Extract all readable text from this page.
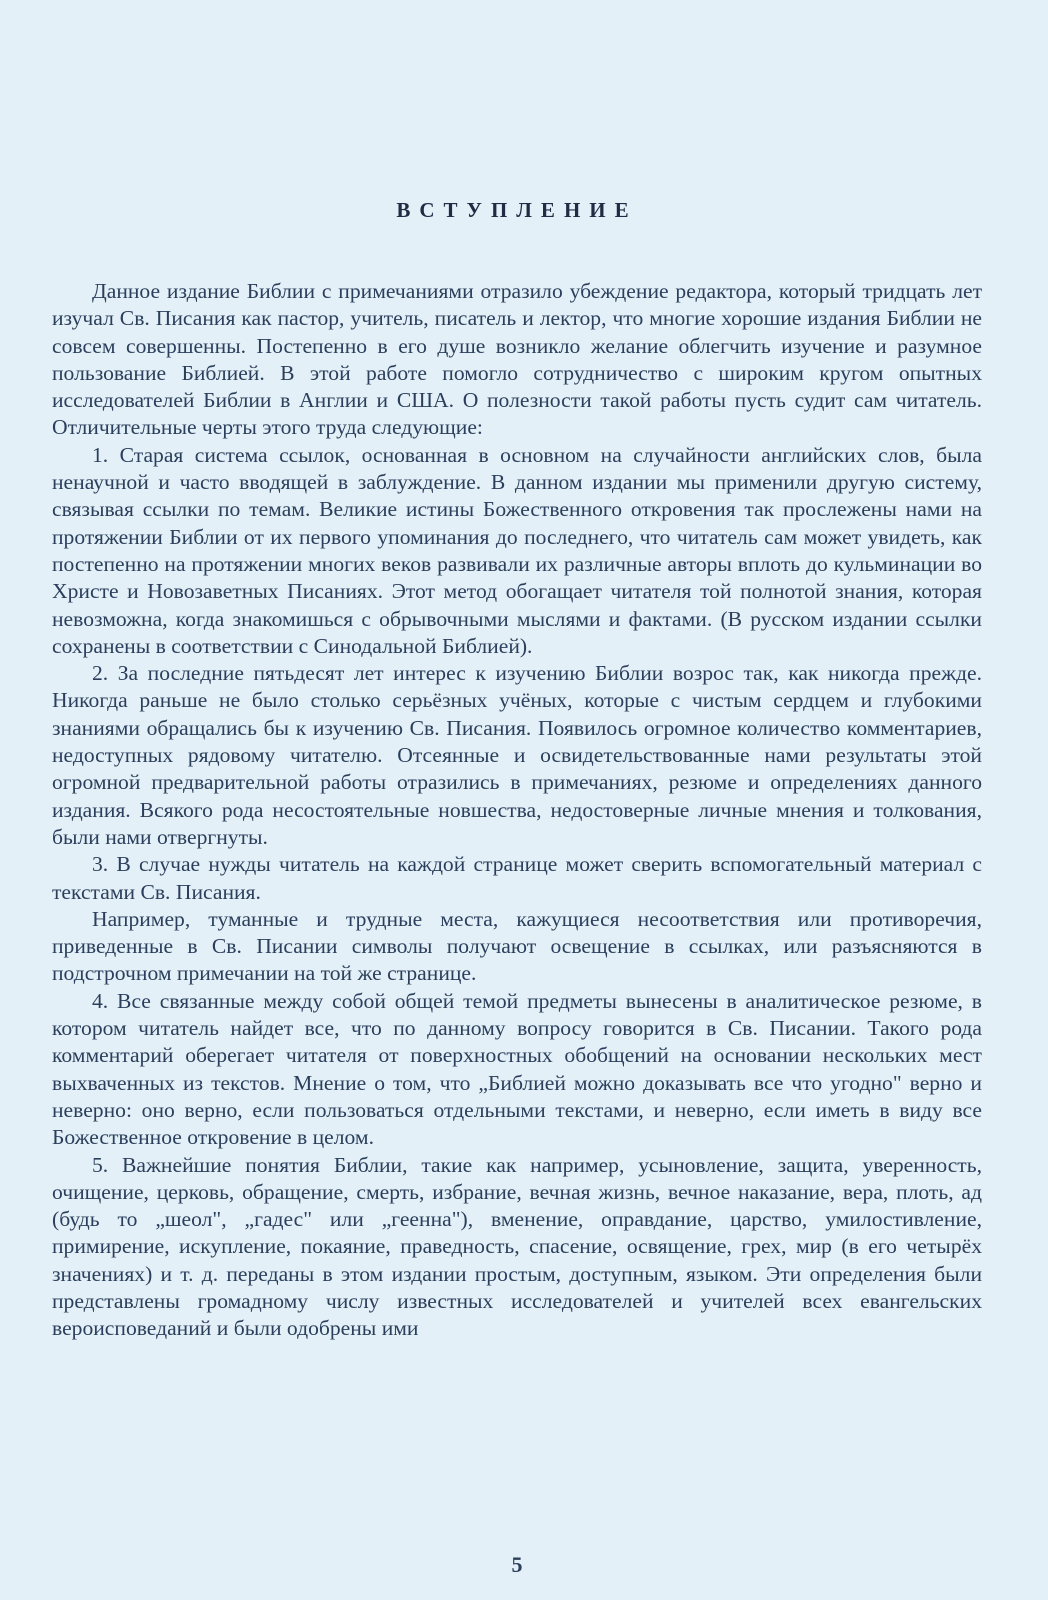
ВСТУПЛЕНИЕ

Данное издание Библии с примечаниями отразило убеждение редактора, который тридцать лет изучал Св. Писания как пастор, учитель, писатель и лектор, что многие хорошие издания Библии не совсем совершенны. Постепенно в его душе возникло желание облегчить изучение и разумное пользование Библией. В этой работе помогло сотрудничество с широким кругом опытных исследователей Библии в Англии и США. О полезности такой работы пусть судит сам читатель. Отличительные черты этого труда следующие:

1. Старая система ссылок, основанная в основном на случайности английских слов, была ненаучной и часто вводящей в заблуждение. В данном издании мы применили другую систему, связывая ссылки по темам. Великие истины Божественного откровения так прослежены нами на протяжении Библии от их первого упоминания до последнего, что читатель сам может увидеть, как постепенно на протяжении многих веков развивали их различные авторы вплоть до кульминации во Христе и Новозаветных Писаниях. Этот метод обогащает читателя той полнотой знания, которая невозможна, когда знакомишься с обрывочными мыслями и фактами. (В русском издании ссылки сохранены в соответствии с Синодальной Библией).

2. За последние пятьдесят лет интерес к изучению Библии возрос так, как никогда прежде. Никогда раньше не было столько серьёзных учёных, которые с чистым сердцем и глубокими знаниями обращались бы к изучению Св. Писания. Появилось огромное количество комментариев, недоступных рядовому читателю. Отсеянные и освидетельствованные нами результаты этой огромной предварительной работы отразились в примечаниях, резюме и определениях данного издания. Всякого рода несостоятельные новшества, недостоверные личные мнения и толкования, были нами отвергнуты.

3. В случае нужды читатель на каждой странице может сверить вспомогательный материал с текстами Св. Писания.

Например, туманные и трудные места, кажущиеся несоответствия или противоречия, приведенные в Св. Писании символы получают освещение в ссылках, или разъясняются в подстрочном примечании на той же странице.

4. Все связанные между собой общей темой предметы вынесены в аналитическое резюме, в котором читатель найдет все, что по данному вопросу говорится в Св. Писании. Такого рода комментарий оберегает читателя от поверхностных обобщений на основании нескольких мест выхваченных из текстов. Мнение о том, что „Библией можно доказывать все что угодно" верно и неверно: оно верно, если пользоваться отдельными текстами, и неверно, если иметь в виду все Божественное откровение в целом.

5. Важнейшие понятия Библии, такие как например, усыновление, защита, уверенность, очищение, церковь, обращение, смерть, избрание, вечная жизнь, вечное наказание, вера, плоть, ад (будь то „шеол", „гадес" или „геенна"), вменение, оправдание, царство, умилостивление, примирение, искупление, покаяние, праведность, спасение, освящение, грех, мир (в его четырёх значениях) и т. д. переданы в этом издании простым, доступным, языком. Эти определения были представлены громадному числу известных исследователей и учителей всех евангельских вероисповеданий и были одобрены ими

5
